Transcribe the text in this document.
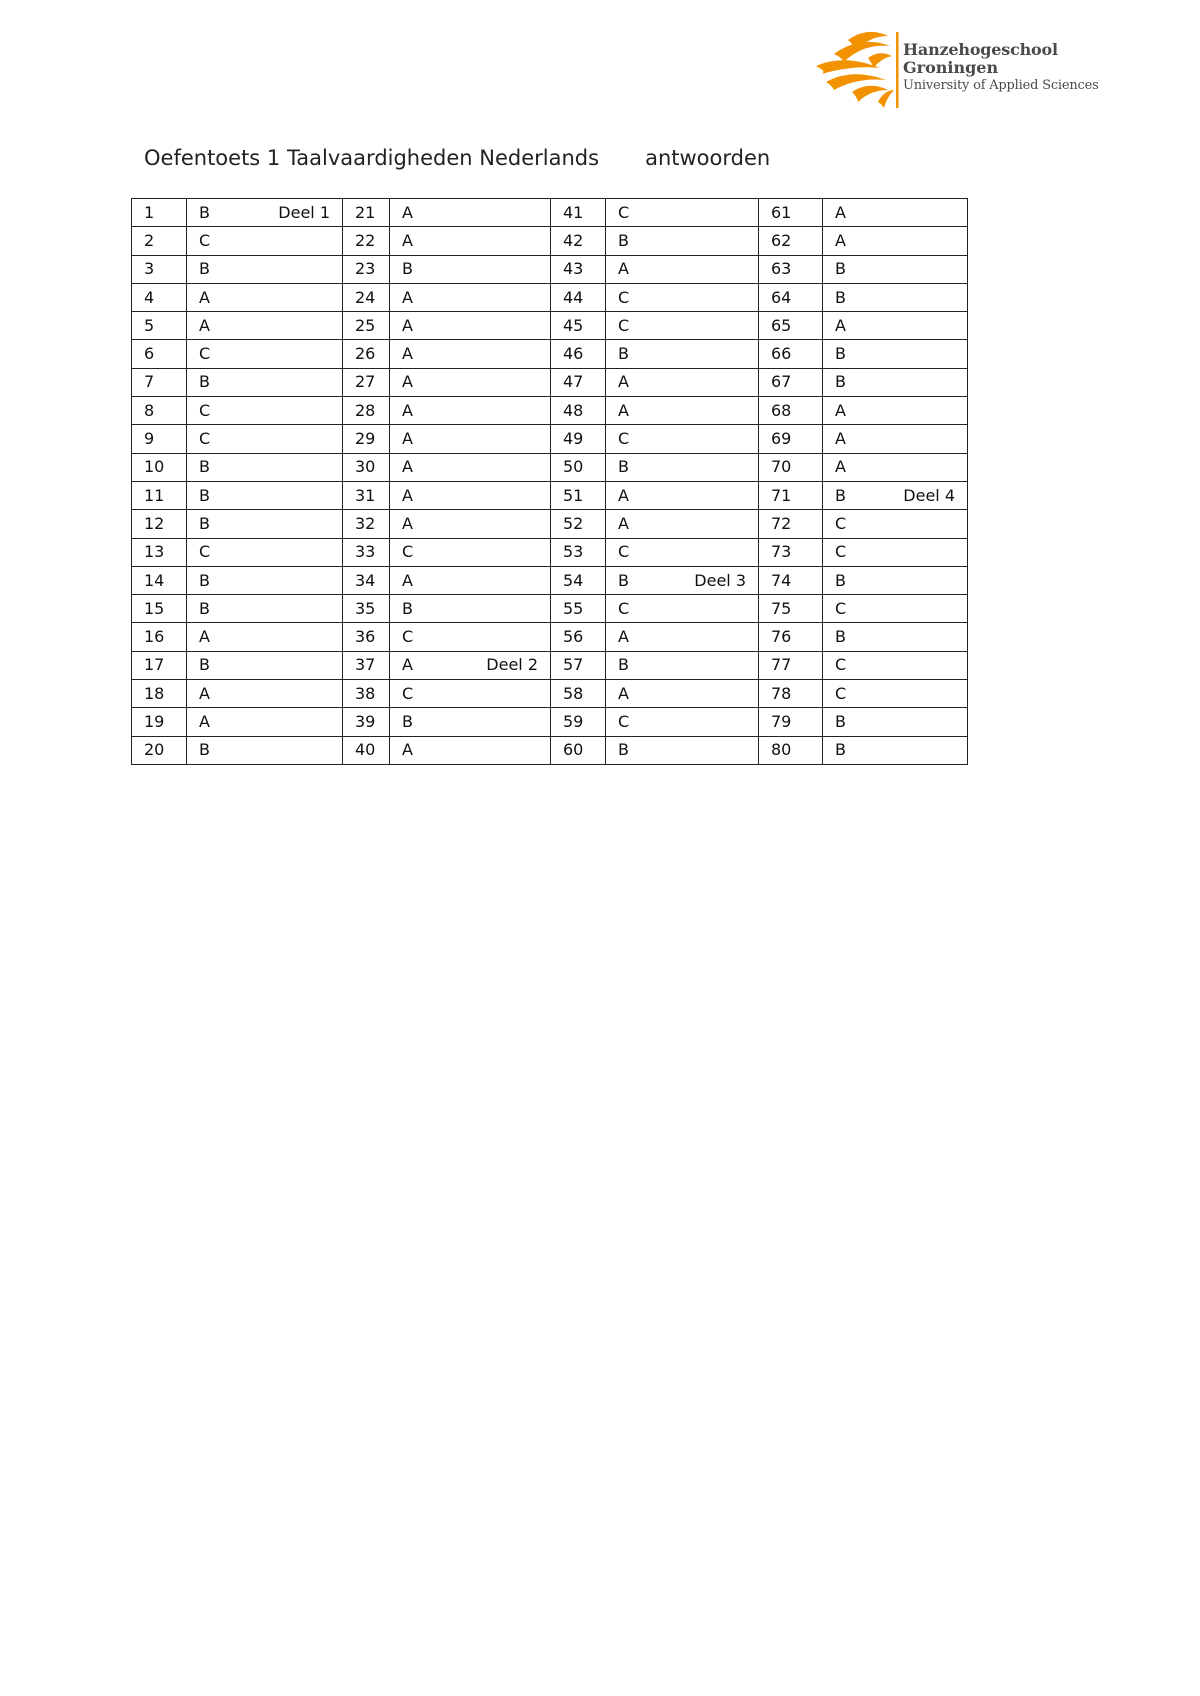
Hanzehogeschool
Groningen
University of Applied Sciences
Oefentoets 1 Taalvaardigheden Nederlands antwoorden
1	B Deel 1	21	A	41	C	61	A
2	C	22	A	42	B	62	A
3	B	23	B	43	A	63	B
4	A	24	A	44	C	64	B
5	A	25	A	45	C	65	A
6	C	26	A	46	B	66	B
7	B	27	A	47	A	67	B
8	C	28	A	48	A	68	A
9	C	29	A	49	C	69	A
10	B	30	A	50	B	70	A
11	B	31	A	51	A	71	B Deel 4

12	B	32	A	52	A	72	C
13	C	33	C	53	C	73	C
14	B	34	A	54	B Deel 3	74	B
15	B	35	B	55	C	75	C
16	A	36	C	56	A	76	B
17	B	37	A Deel 2	57	B	77	C
18	A	38	C	58	A	78	C
19	A	39	B	59	C	79	B
20	B	40	A	60	B	80	B
